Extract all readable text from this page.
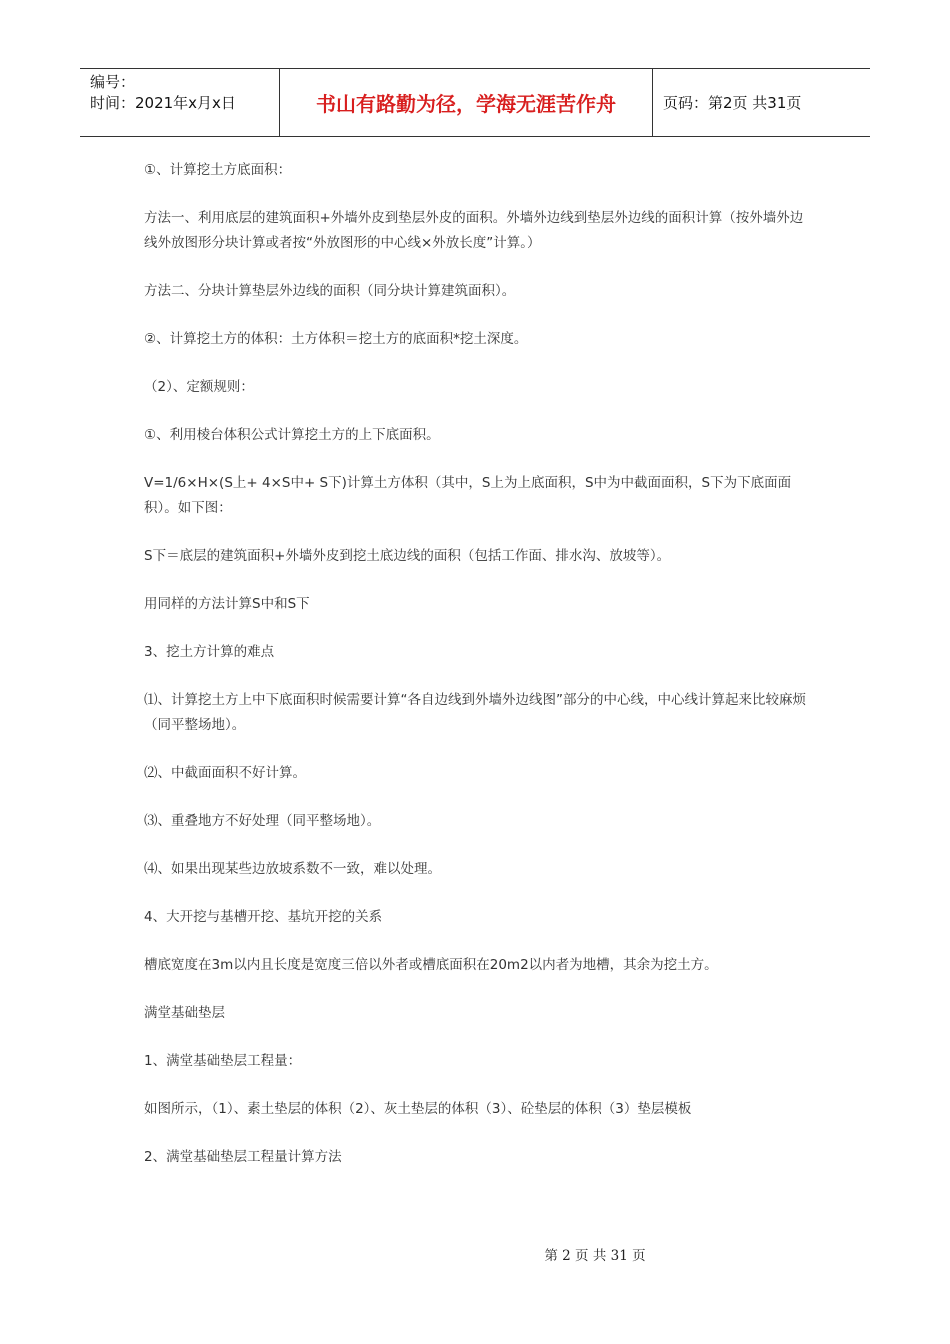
编号：
时间：2021年x月x日	书山有路勤为径，学海无涯苦作舟	页码：第2页 共31页

①、计算挖土方底面积：

方法一、利用底层的建筑面积+外墙外皮到垫层外皮的面积。外墙外边线到垫层外边线的面积计算（按外墙外边线外放图形分块计算或者按“外放图形的中心线×外放长度”计算。）

方法二、分块计算垫层外边线的面积（同分块计算建筑面积）。

②、计算挖土方的体积：土方体积＝挖土方的底面积*挖土深度。

（2）、定额规则：

①、利用棱台体积公式计算挖土方的上下底面积。

V=1/6×H×(S上+ 4×S中+ S下)计算土方体积（其中，S上为上底面积，S中为中截面面积，S下为下底面面积）。如下图：

S下＝底层的建筑面积+外墙外皮到挖土底边线的面积（包括工作面、排水沟、放坡等）。

用同样的方法计算S中和S下

3、挖土方计算的难点

⑴、计算挖土方上中下底面积时候需要计算“各自边线到外墙外边线图”部分的中心线，中心线计算起来比较麻烦（同平整场地）。

⑵、中截面面积不好计算。

⑶、重叠地方不好处理（同平整场地）。

⑷、如果出现某些边放坡系数不一致，难以处理。

4、大开挖与基槽开挖、基坑开挖的关系

槽底宽度在3m以内且长度是宽度三倍以外者或槽底面积在20m2以内者为地槽，其余为挖土方。

满堂基础垫层

1、满堂基础垫层工程量：

如图所示，（1）、素土垫层的体积（2）、灰土垫层的体积（3）、砼垫层的体积（3）垫层模板

2、满堂基础垫层工程量计算方法

第 2 页 共 31 页
